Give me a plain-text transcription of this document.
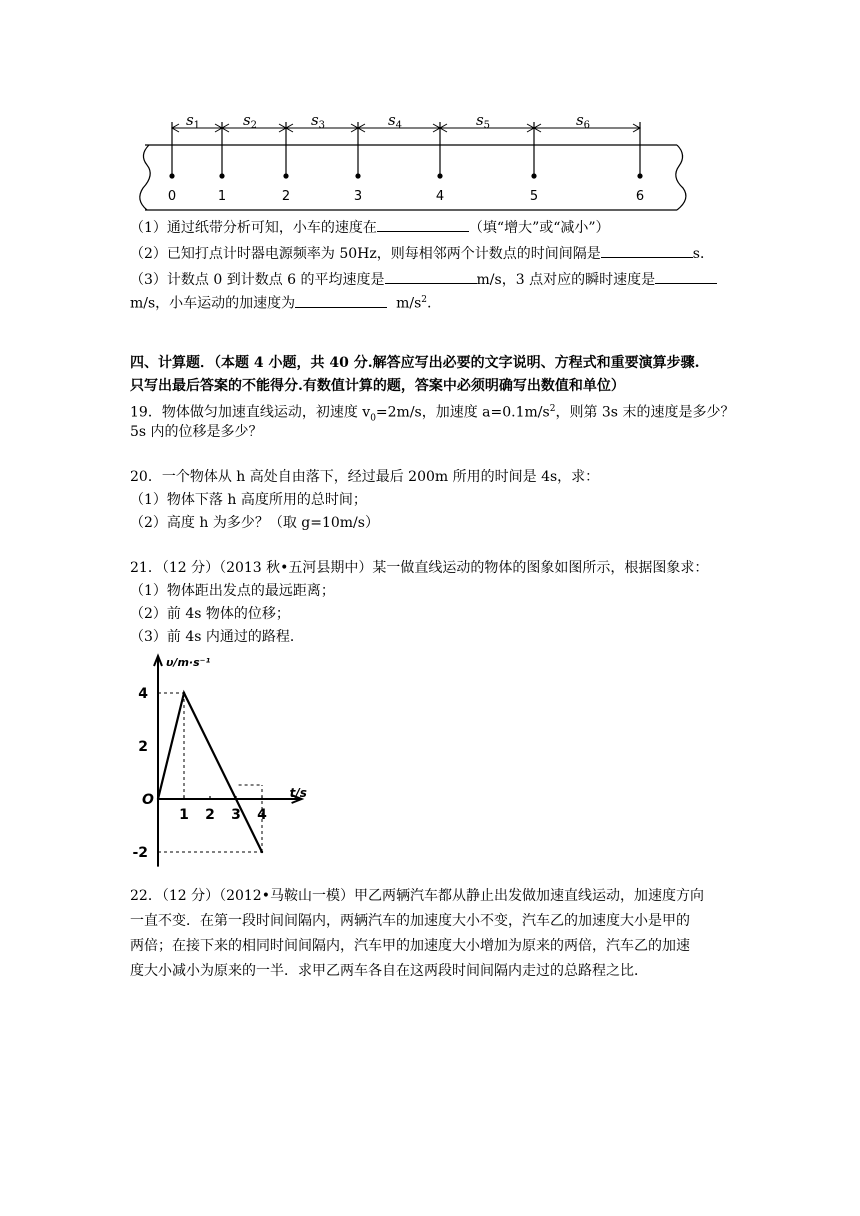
0
$s_1$
1
$s_2$
2
$s_3$
3
$s_4$
4
$s_5$
5
$s_6$
6
（1）通过纸带分析可知，小车的速度在	（填“增大”或“减小”）
（2）已知打点计时器电源频率为 50Hz，则每相邻两个计数点的时间间隔是	s．
（3）计数点 0 到计数点 6 的平均速度是	m/s，3 点对应的瞬时速度是
m/s，小车运动的加速度为	$m/s^2$.
四、计算题．（本题 4 小题，共 40 分.解答应写出必要的文字说明、方程式和重要演算步骤.
只写出最后答案的不能得分.有数值计算的题，答案中必须明确写出数值和单位）
19．物体做匀加速直线运动，初速度 $v_0=2m/s$，加速度 $a=0.1m/s^2$，则第 3s 末的速度是多少？
5s 内的位移是多少？
20．一个物体从 h 高处自由落下，经过最后 200m 所用的时间是 4s，求：
（1）物体下落 h 高度所用的总时间；
（2）高度 h 为多少？（取 g=10m/s）
21．（12 分）（2013 秋•五河县期中）某一做直线运动的物体的图象如图所示，根据图象求：
（1）物体距出发点的最远距离；
（2）前 4s 物体的位移；
（3）前 4s 内通过的路程．
υ/m·s⁻¹
t/s
O
1 2 3 4
4
2
-2
22．（12 分）（2012•马鞍山一模）甲乙两辆汽车都从静止出发做加速直线运动，加速度方向
一直不变．在第一段时间间隔内，两辆汽车的加速度大小不变，汽车乙的加速度大小是甲的
两倍；在接下来的相同时间间隔内，汽车甲的加速度大小增加为原来的两倍，汽车乙的加速
度大小减小为原来的一半．求甲乙两车各自在这两段时间间隔内走过的总路程之比．
